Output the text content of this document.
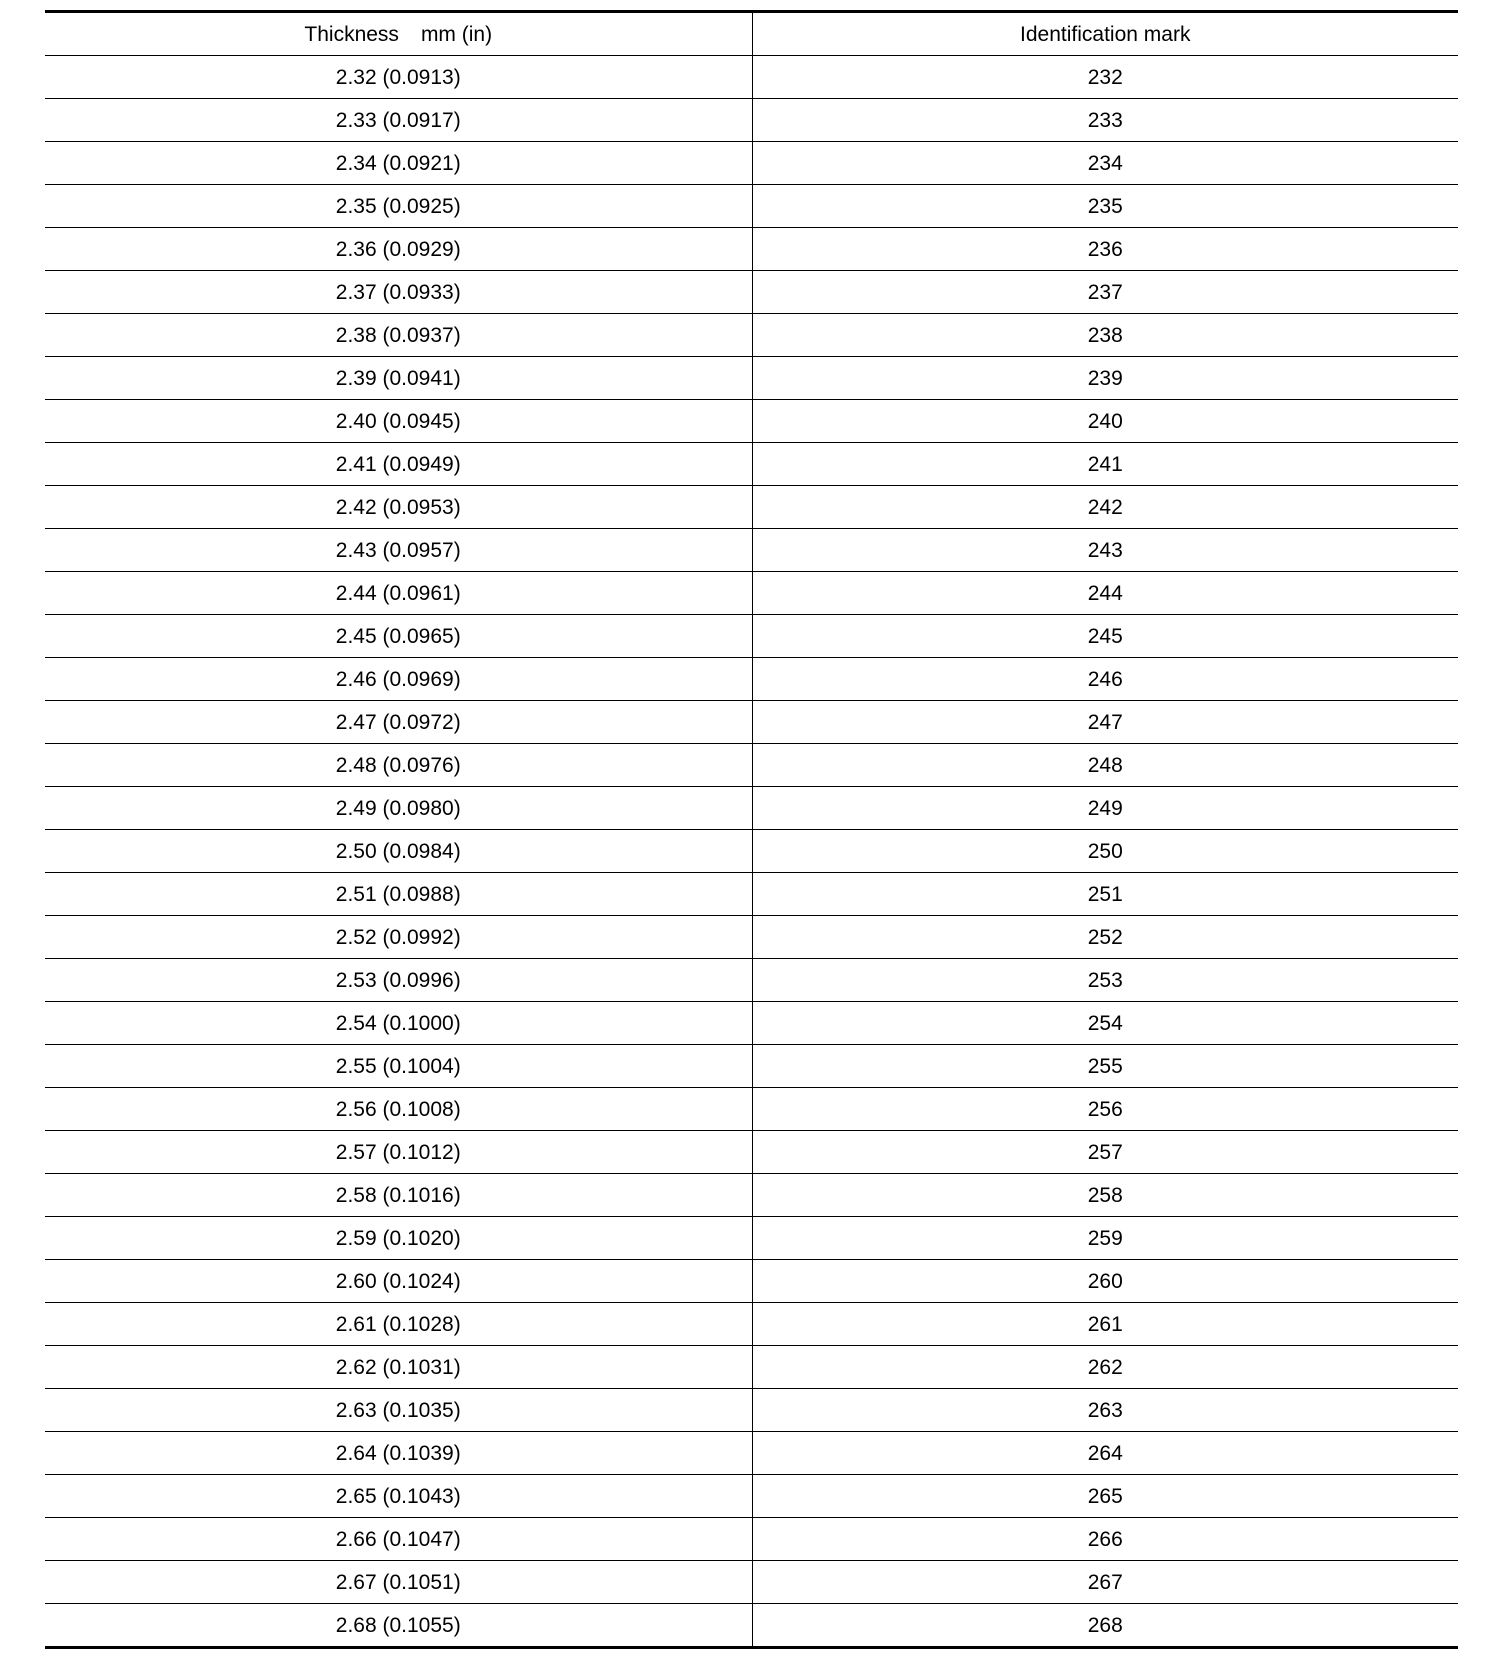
Thickness mm (in)	Identification mark
2.32 (0.0913)	232
2.33 (0.0917)	233
2.34 (0.0921)	234
2.35 (0.0925)	235
2.36 (0.0929)	236
2.37 (0.0933)	237
2.38 (0.0937)	238
2.39 (0.0941)	239
2.40 (0.0945)	240
2.41 (0.0949)	241
2.42 (0.0953)	242
2.43 (0.0957)	243
2.44 (0.0961)	244
2.45 (0.0965)	245
2.46 (0.0969)	246
2.47 (0.0972)	247
2.48 (0.0976)	248
2.49 (0.0980)	249
2.50 (0.0984)	250
2.51 (0.0988)	251
2.52 (0.0992)	252
2.53 (0.0996)	253
2.54 (0.1000)	254
2.55 (0.1004)	255
2.56 (0.1008)	256
2.57 (0.1012)	257
2.58 (0.1016)	258
2.59 (0.1020)	259
2.60 (0.1024)	260
2.61 (0.1028)	261
2.62 (0.1031)	262
2.63 (0.1035)	263
2.64 (0.1039)	264
2.65 (0.1043)	265
2.66 (0.1047)	266
2.67 (0.1051)	267
2.68 (0.1055)	268
